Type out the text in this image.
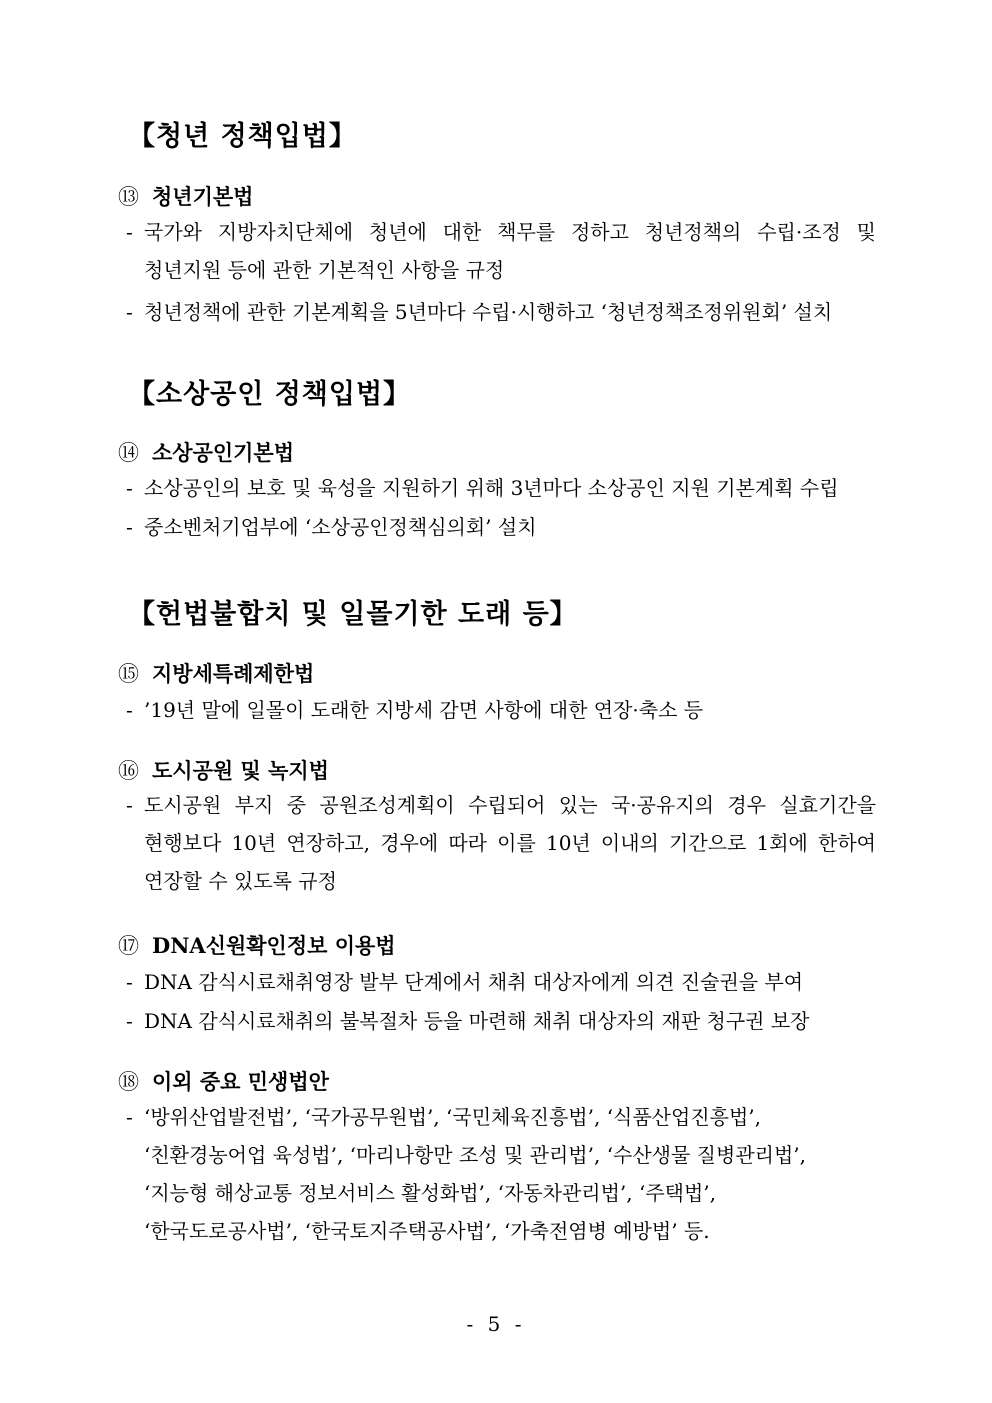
【청년 정책입법】
⑬ 청년기본법
- 국가와 지방자치단체에 청년에 대한 책무를 정하고 청년정책의 수립·조정 및
청년지원 등에 관한 기본적인 사항을 규정
- 청년정책에 관한 기본계획을 5년마다 수립·시행하고 ‘청년정책조정위원회’ 설치
【소상공인 정책입법】
⑭ 소상공인기본법
- 소상공인의 보호 및 육성을 지원하기 위해 3년마다 소상공인 지원 기본계획 수립
- 중소벤처기업부에 ‘소상공인정책심의회’ 설치
【헌법불합치 및 일몰기한 도래 등】
⑮ 지방세특례제한법
- ’19년 말에 일몰이 도래한 지방세 감면 사항에 대한 연장·축소 등
⑯ 도시공원 및 녹지법
- 도시공원 부지 중 공원조성계획이 수립되어 있는 국·공유지의 경우 실효기간을
현행보다 10년 연장하고, 경우에 따라 이를 10년 이내의 기간으로 1회에 한하여
연장할 수 있도록 규정
⑰ DNA신원확인정보 이용법
- DNA 감식시료채취영장 발부 단계에서 채취 대상자에게 의견 진술권을 부여
- DNA 감식시료채취의 불복절차 등을 마련해 채취 대상자의 재판 청구권 보장
⑱ 이외 중요 민생법안
- ‘방위산업발전법’, ‘국가공무원법’, ‘국민체육진흥법’, ‘식품산업진흥법’,
‘친환경농어업 육성법’, ‘마리나항만 조성 및 관리법’, ‘수산생물 질병관리법’,
‘지능형 해상교통 정보서비스 활성화법’, ‘자동차관리법’, ‘주택법’,
‘한국도로공사법’, ‘한국토지주택공사법’, ‘가축전염병 예방법’ 등.
- 5 -
